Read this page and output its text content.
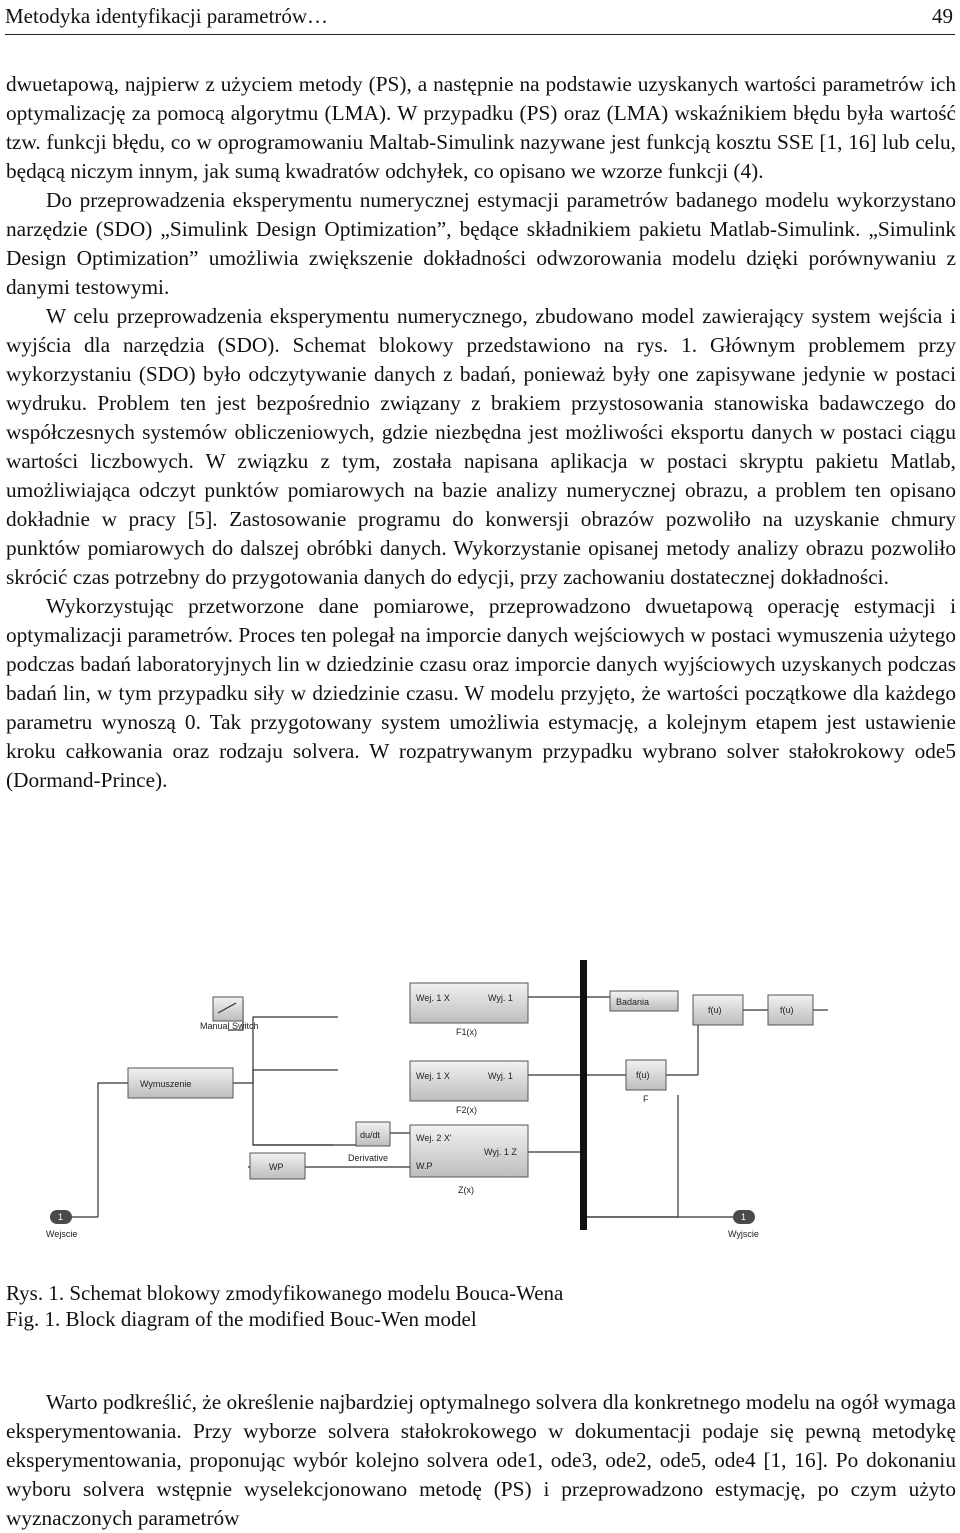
Metodyka identyfikacji parametrów…	49
dwuetapową, najpierw z użyciem metody (PS), a następnie na podstawie uzyskanych wartości parametrów ich optymalizację za pomocą algorytmu (LMA). W przypadku (PS) oraz (LMA) wskaźnikiem błędu była wartość tzw. funkcji błędu, co w oprogramowaniu Maltab-Simulink nazywane jest funkcją kosztu SSE [1, 16] lub celu, będącą niczym innym, jak sumą kwadratów odchyłek, co opisano we wzorze funkcji (4).
Do przeprowadzenia eksperymentu numerycznej estymacji parametrów badanego modelu wykorzystano narzędzie (SDO) „Simulink Design Optimization”, będące składnikiem pakietu Matlab-Simulink. „Simulink Design Optimization” umożliwia zwiększenie dokładności odwzorowania modelu dzięki porównywaniu z danymi testowymi.
W celu przeprowadzenia eksperymentu numerycznego, zbudowano model zawierający system wejścia i wyjścia dla narzędzia (SDO). Schemat blokowy przedstawiono na rys. 1. Głównym problemem przy wykorzystaniu (SDO) było odczytywanie danych z badań, ponieważ były one zapisywane jedynie w postaci wydruku. Problem ten jest bezpośrednio związany z brakiem przystosowania stanowiska badawczego do współczesnych systemów obliczeniowych, gdzie niezbędna jest możliwości eksportu danych w postaci ciągu wartości liczbowych. W związku z tym, została napisana aplikacja w postaci skryptu pakietu Matlab, umożliwiająca odczyt punktów pomiarowych na bazie analizy numerycznej obrazu, a problem ten opisano dokładnie w pracy [5]. Zastosowanie programu do konwersji obrazów pozwoliło na uzyskanie chmury punktów pomiarowych do dalszej obróbki danych. Wykorzystanie opisanej metody analizy obrazu pozwoliło skrócić czas potrzebny do przygotowania danych do edycji, przy zachowaniu dostatecznej dokładności.
Wykorzystując przetworzone dane pomiarowe, przeprowadzono dwuetapową operację estymacji i optymalizacji parametrów. Proces ten polegał na imporcie danych wejściowych w postaci wymuszenia użytego podczas badań laboratoryjnych lin w dziedzinie czasu oraz imporcie danych wyjściowych uzyskanych podczas badań lin, w tym przypadku siły w dziedzinie czasu. W modelu przyjęto, że wartości początkowe dla każdego parametru wynoszą 0. Tak przygotowany system umożliwia estymację, a kolejnym etapem jest ustawienie kroku całkowania oraz rodzaju solvera. W rozpatrywanym przypadku wybrano solver stałokrokowy ode5 (Dormand-Prince).
1
Wejscie
Manual Switch
Wymuszenie
WP
du/dt
Derivative
Wej. 1 X	Wyj. 1
F1(x)
Wej. 1 X	Wyj. 1
F2(x)
Wej. 2 X'
Wyj. 1 Z
W.P
Z(x)
Badania
f(u)
f(u)
F
f(u)
1
Wyjscie
Rys. 1. Schemat blokowy zmodyfikowanego modelu Bouca-Wena
Fig. 1. Block diagram of the modified Bouc-Wen model
Warto podkreślić, że określenie najbardziej optymalnego solvera dla konkretnego modelu na ogół wymaga eksperymentowania. Przy wyborze solvera stałokrokowego w dokumentacji podaje się pewną metodykę eksperymentowania, proponując wybór kolejno solvera ode1, ode3, ode2, ode5, ode4 [1, 16]. Po dokonaniu wyboru solvera wstępnie wyselekcjonowano metodę (PS) i przeprowadzono estymację, po czym użyto wyznaczonych parametrów
